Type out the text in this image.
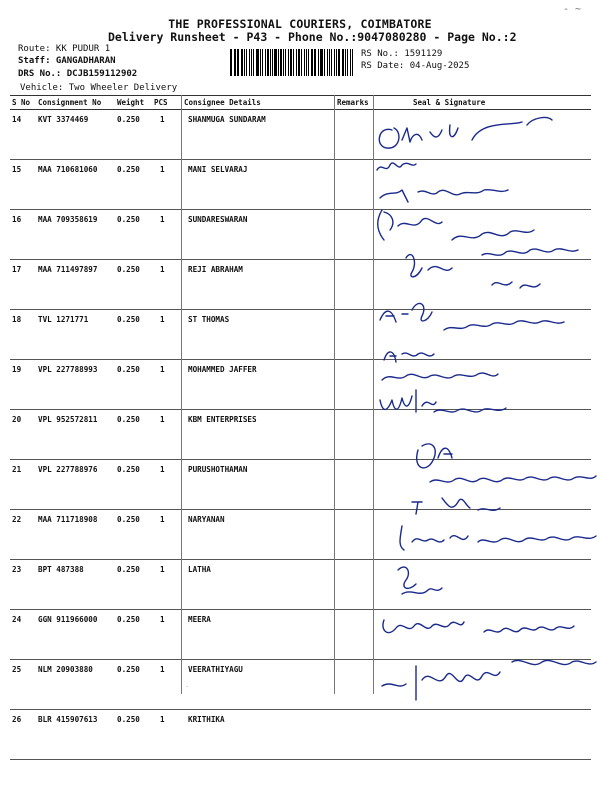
- ~
THE PROFESSIONAL COURIERS, COIMBATORE
Delivery Runsheet - P43 - Phone No.:9047080280 - Page No.:2
Route: KK PUDUR 1
Staff: GANGADHARAN
DRS No.: DCJB159112902
RS No.: 1591129
RS Date: 04-Aug-2025
Vehicle: Two Wheeler Delivery
S No	Consignment No	Weight	PCS	Consignee Details	Remarks	Seal & Signature
14	KVT 3374469	0.250	1	SHANMUGA SUNDARAM		
15	MAA 710681060	0.250	1	MANI SELVARAJ		
16	MAA 709358619	0.250	1	SUNDARESWARAN		
17	MAA 711497897	0.250	1	REJI ABRAHAM		
18	TVL 1271771	0.250	1	ST THOMAS		
19	VPL 227788993	0.250	1	MOHAMMED JAFFER		
20	VPL 952572811	0.250	1	KBM ENTERPRISES		
21	VPL 227788976	0.250	1	PURUSHOTHAMAN		
22	MAA 711718908	0.250	1	NARYANAN		
23	BPT 487388	0.250	1	LATHA		
24	GGN 911966000	0.250	1	MEERA		
25	NLM 20903880	0.250	1	VEERATHIYAGU		
26	BLR 415907613	0.250	1	KRITHIKA		
·
